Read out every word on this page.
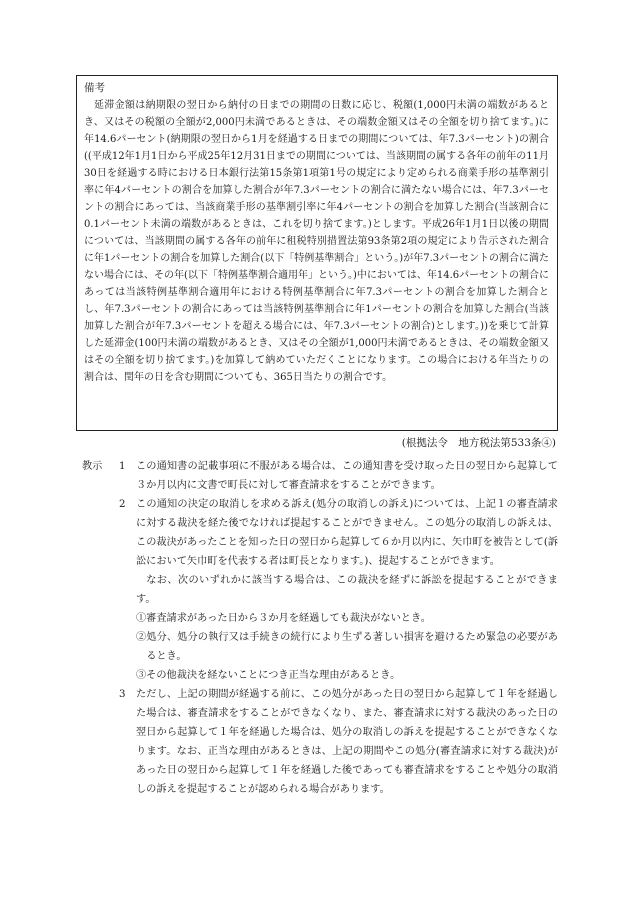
備考
延滞金額は納期限の翌日から納付の日までの期間の日数に応じ、税額(1,000円未満の端数があるとき、又はその税額の全額が2,000円未満であるときは、その端数金額又はその全額を切り捨てます。)に年14.6パーセント(納期限の翌日から1月を経過する日までの期間については、年7.3パーセント)の割合((平成12年1月1日から平成25年12月31日までの期間については、当該期間の属する各年の前年の11月30日を経過する時における日本銀行法第15条第1項第1号の規定により定められる商業手形の基準割引率に年4パーセントの割合を加算した割合が年7.3パーセントの割合に満たない場合には、年7.3パーセントの割合にあっては、当該商業手形の基準割引率に年4パーセントの割合を加算した割合(当該割合に0.1パーセント未満の端数があるときは、これを切り捨てます。)とします。平成26年1月1日以後の期間については、当該期間の属する各年の前年に租税特別措置法第93条第2項の規定により告示された割合に年1パーセントの割合を加算した割合(以下「特例基準割合」という。)が年7.3パーセントの割合に満たない場合には、その年(以下「特例基準割合適用年」という。)中においては、年14.6パーセントの割合にあっては当該特例基準割合適用年における特例基準割合に年7.3パーセントの割合を加算した割合とし、年7.3パーセントの割合にあっては当該特例基準割合に年1パーセントの割合を加算した割合(当該加算した割合が年7.3パーセントを超える場合には、年7.3パーセントの割合)とします。))を乗じて計算した延滞金(100円未満の端数があるとき、又はその全額が1,000円未満であるときは、その端数金額又はその全額を切り捨てます。)を加算して納めていただくことになります。この場合における年当たりの割合は、閏年の日を含む期間についても、365日当たりの割合です。
(根拠法令　地方税法第533条④)
教示 1 この通知書の記載事項に不服がある場合は、この通知書を受け取った日の翌日から起算して３か月以内に文書で町長に対して審査請求をすることができます。

2 この通知の決定の取消しを求める訴え(処分の取消しの訴え)については、上記１の審査請求に対する裁決を経た後でなければ提起することができません。この処分の取消しの訴えは、この裁決があったことを知った日の翌日から起算して６か月以内に、矢巾町を被告として(訴訟において矢巾町を代表する者は町長となります。)、提起することができます。

なお、次のいずれかに該当する場合は、この裁決を経ずに訴訟を提起することができます。

①審査請求があった日から３か月を経過しても裁決がないとき。

②処分、処分の執行又は手続きの続行により生ずる著しい損害を避けるため緊急の必要があるとき。

③その他裁決を経ないことにつき正当な理由があるとき。

3 ただし、上記の期間が経過する前に、この処分があった日の翌日から起算して１年を経過した場合は、審査請求をすることができなくなり、また、審査請求に対する裁決のあった日の翌日から起算して１年を経過した場合は、処分の取消しの訴えを提起することができなくなります。なお、正当な理由があるときは、上記の期間やこの処分(審査請求に対する裁決)があった日の翌日から起算して１年を経過した後であっても審査請求をすることや処分の取消しの訴えを提起することが認められる場合があります。
